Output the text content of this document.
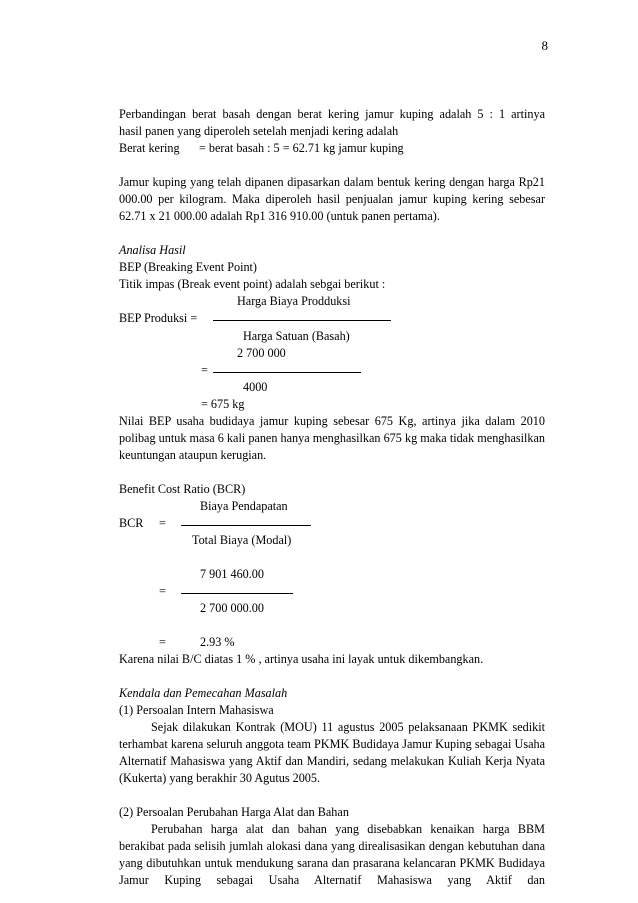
8

Perbandingan berat basah dengan berat kering jamur kuping adalah 5 : 1 artinya

hasil panen yang diperoleh setelah menjadi kering adalah

Berat kering = berat basah : 5 = 62.71 kg jamur kuping

Jamur kuping yang telah dipanen dipasarkan dalam bentuk kering dengan harga Rp21 000.00 per kilogram. Maka diperoleh hasil penjualan jamur kuping kering sebesar 62.71 x 21 000.00 adalah Rp1 316 910.00 (untuk panen pertama).

Analisa Hasil

BEP (Breaking Event Point)

Titik impas (Break event point) adalah sebgai berikut :

Harga Biaya Prodduksi
BEP Produksi =
Harga Satuan (Basah)
2 700 000
=
4000
= 675 kg

Nilai BEP usaha budidaya jamur kuping sebesar 675 Kg, artinya jika dalam 2010 polibag untuk masa 6 kali panen hanya menghasilkan 675 kg maka tidak menghasilkan keuntungan ataupun kerugian.

Benefit Cost Ratio (BCR)

Biaya Pendapatan
BCR =
Total Biaya (Modal)
7 901 460.00
=
2 700 000.00
=	2.93 %

Karena nilai B/C diatas 1 % , artinya usaha ini layak untuk dikembangkan.

Kendala dan Pemecahan Masalah

(1) Persoalan Intern Mahasiswa

Sejak dilakukan Kontrak (MOU) 11 agustus 2005 pelaksanaan PKMK sedikit terhambat karena seluruh anggota team PKMK Budidaya Jamur Kuping sebagai Usaha Alternatif Mahasiswa yang Aktif dan Mandiri, sedang melakukan Kuliah Kerja Nyata (Kukerta) yang berakhir 30 Agutus 2005.

(2) Persoalan Perubahan Harga Alat dan Bahan

Perubahan harga alat dan bahan yang disebabkan kenaikan harga BBM berakibat pada selisih jumlah alokasi dana yang direalisasikan dengan kebutuhan dana yang dibutuhkan untuk mendukung sarana dan prasarana kelancaran PKMK Budidaya Jamur Kuping sebagai Usaha Alternatif Mahasiswa yang Aktif dan
